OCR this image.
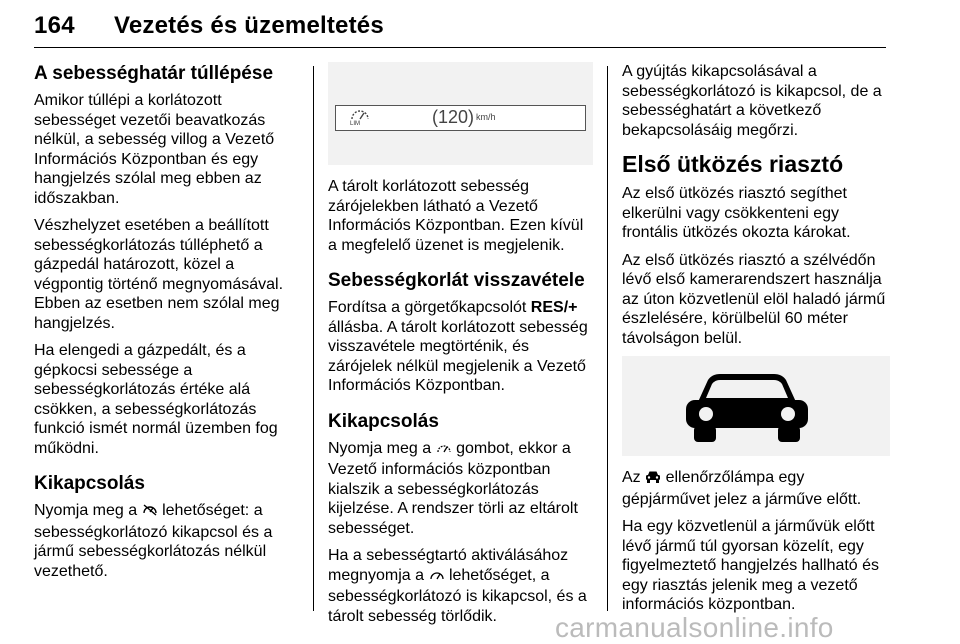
164 Vezetés és üzemeltetés
A sebességhatár túllépése

Amikor túllépi a korlátozott sebességet vezetői beavatkozás nélkül, a sebesség villog a Vezető Információs Központban és egy hangjelzés szólal meg ebben az időszakban.

Vészhelyzet esetében a beállított sebességkorlátozás túlléphető a gázpedál határozott, közel a végpontig történő megnyomásával. Ebben az esetben nem szólal meg hangjelzés.

Ha elengedi a gázpedált, és a gépkocsi sebessége a sebességkorlátozás értéke alá csökken, a sebességkorlátozás funkció ismét normál üzemben fog működni.

Kikapcsolás

Nyomja meg a lehetőséget: a sebességkorlátozó kikapcsol és a jármű sebességkorlátozás nélkül vezethető.

LIM	(120) km/h

A tárolt korlátozott sebesség zárójelekben látható a Vezető Információs Központban. Ezen kívül a megfelelő üzenet is megjelenik.

Sebességkorlát visszavétele

Fordítsa a görgetőkapcsolót RES/+ állásba. A tárolt korlátozott sebesség visszavétele megtörténik, és zárójelek nélkül megjelenik a Vezető Információs Központban.

Kikapcsolás

Nyomja meg a gombot, ekkor a Vezető információs központban kialszik a sebességkorlátozás kijelzése. A rendszer törli az eltárolt sebességet.

Ha a sebességtartó aktiválásához megnyomja a lehetőséget, a sebességkorlátozó is kikapcsol, és a tárolt sebesség törlődik.

A gyújtás kikapcsolásával a sebességkorlátozó is kikapcsol, de a sebességhatárt a következő bekapcsolásáig megőrzi.

Első ütközés riasztó

Az első ütközés riasztó segíthet elkerülni vagy csökkenteni egy frontális ütközés okozta károkat.

Az első ütközés riasztó a szélvédőn lévő első kamerarendszert használja az úton közvetlenül elöl haladó jármű észlelésére, körülbelül 60 méter távolságon belül.

Az ellenőrzőlámpa egy gépjárművet jelez a járműve előtt.

Ha egy közvetlenül a járművük előtt lévő jármű túl gyorsan közelít, egy figyelmeztető hangjelzés hallható és egy riasztás jelenik meg a vezető információs központban.

carmanualsonline.info
